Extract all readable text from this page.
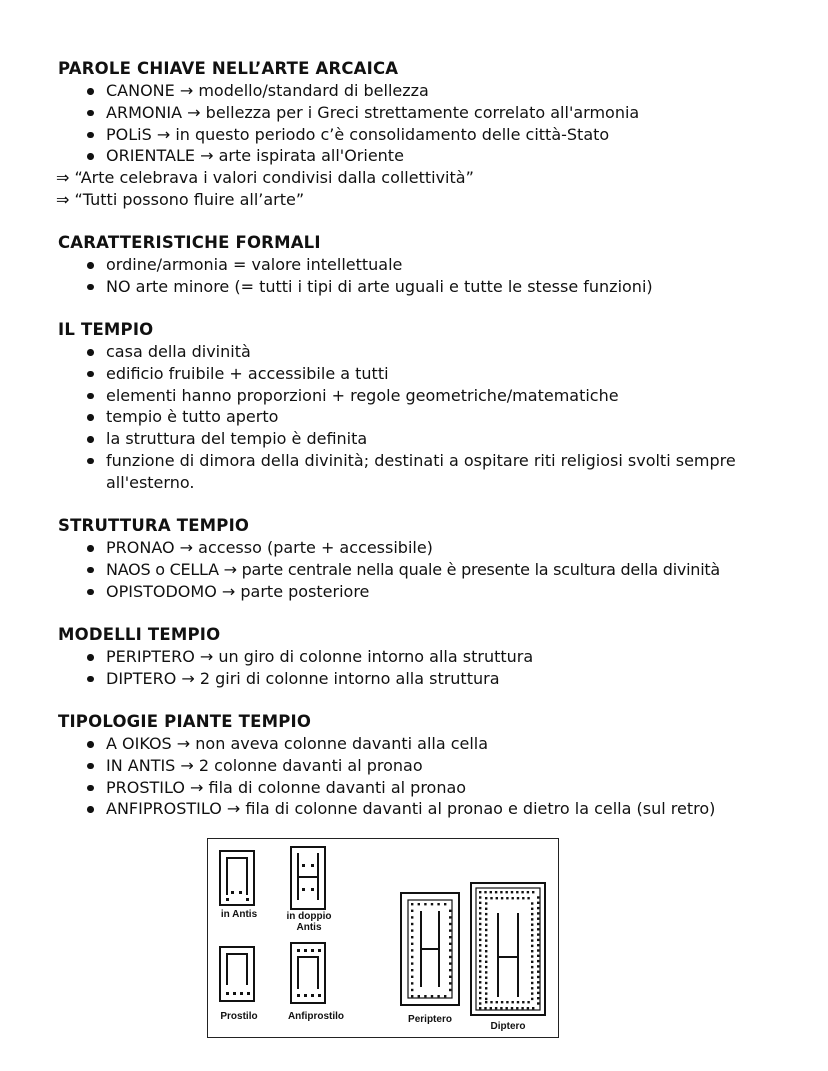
PAROLE CHIAVE NELL’ARTE ARCAICA
CANONE → modello/standard di bellezza
ARMONIA → bellezza per i Greci strettamente correlato all'armonia
POLiS → in questo periodo c’è consolidamento delle città-Stato
ORIENTALE → arte ispirata all'Oriente
⇒ “Arte celebrava i valori condivisi dalla collettività”
⇒ “Tutti possono fluire all’arte”
CARATTERISTICHE FORMALI
ordine/armonia = valore intellettuale
NO arte minore (= tutti i tipi di arte uguali e tutte le stesse funzioni)
IL TEMPIO
casa della divinità
edificio fruibile + accessibile a tutti
elementi hanno proporzioni + regole geometriche/matematiche
tempio è tutto aperto
la struttura del tempio è definita
funzione di dimora della divinità; destinati a ospitare riti religiosi svolti sempre all'esterno.
STRUTTURA TEMPIO
PRONAO → accesso (parte + accessibile)
NAOS o CELLA → parte centrale nella quale è presente la scultura della divinità
OPISTODOMO → parte posteriore
MODELLI TEMPIO
PERIPTERO → un giro di colonne intorno alla struttura
DIPTERO → 2 giri di colonne intorno alla struttura
TIPOLOGIE PIANTE TEMPIO
A OIKOS → non aveva colonne davanti alla cella
IN ANTIS → 2 colonne davanti al pronao
PROSTILO → fila di colonne davanti al pronao
ANFIPROSTILO → fila di colonne davanti al pronao e dietro la cella (sul retro)
in Antis	in doppio
Antis
Prostilo	Anfiprostilo	Periptero
Diptero
